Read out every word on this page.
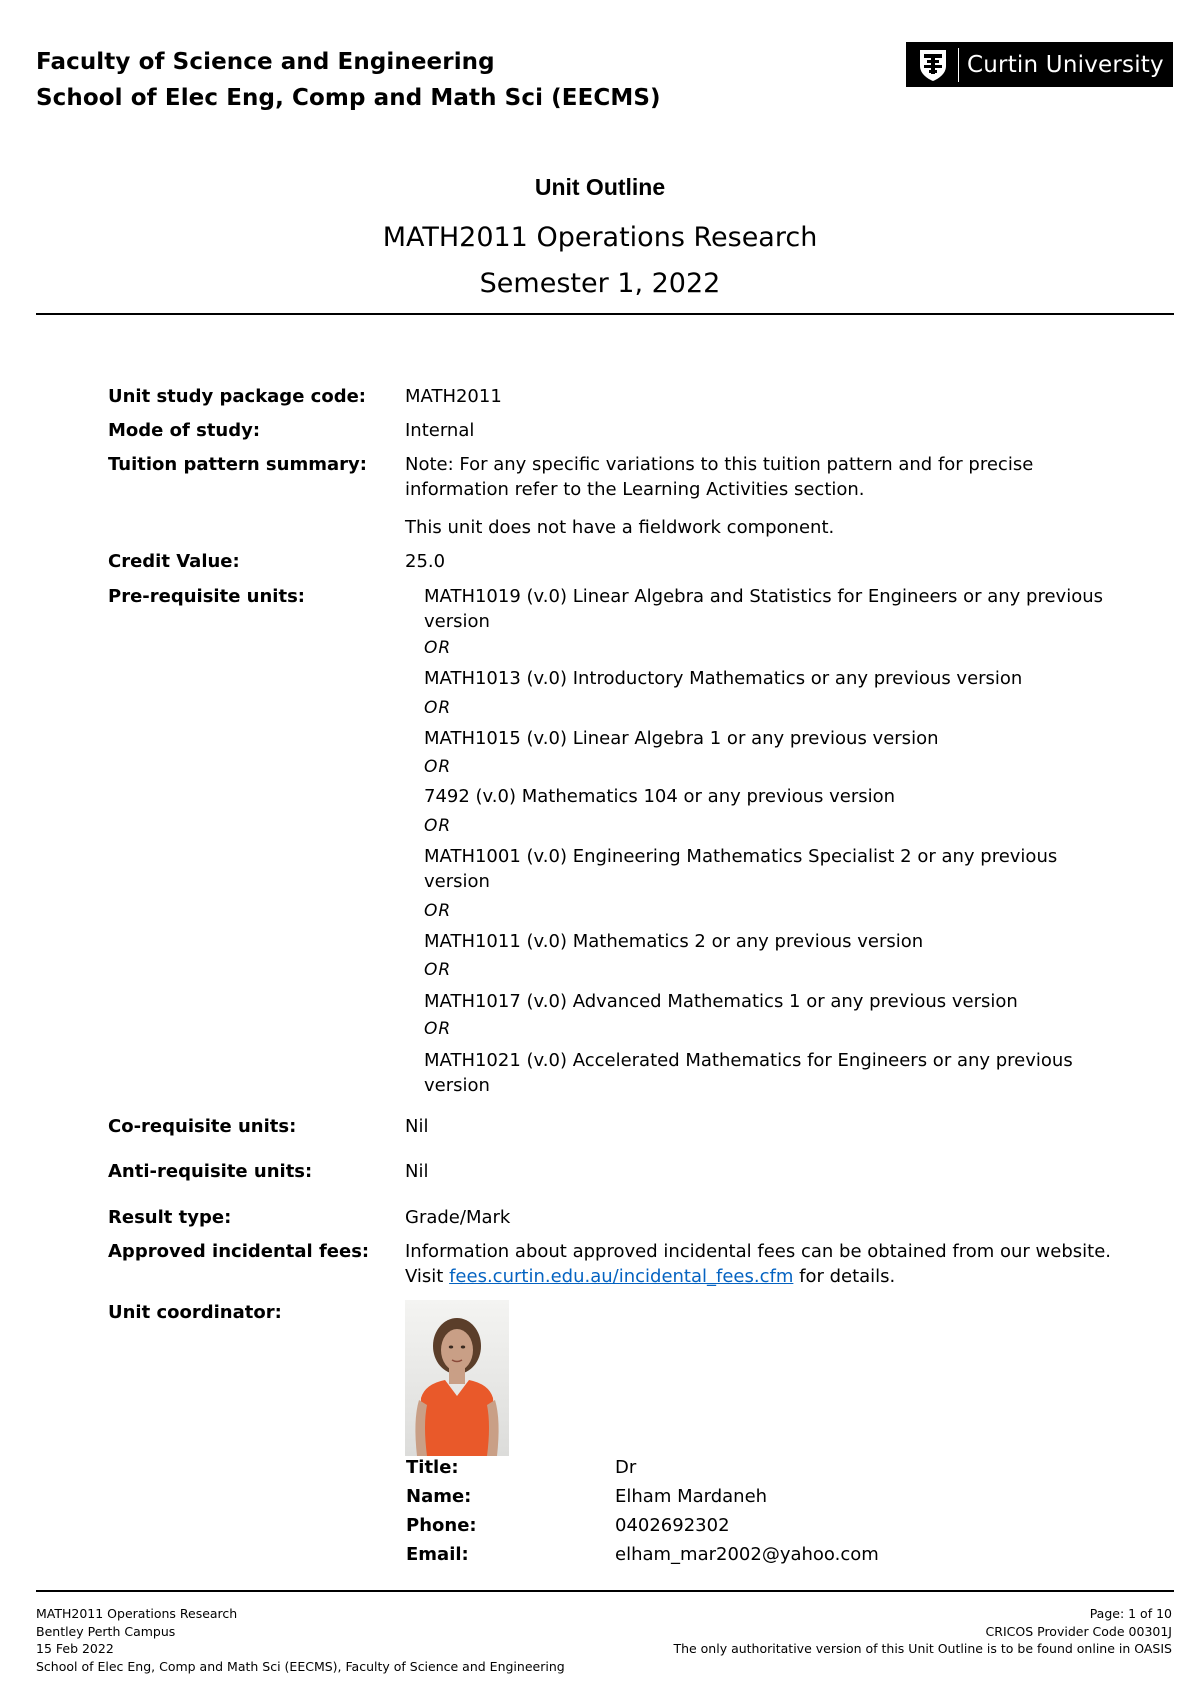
Faculty of Science and Engineering
School of Elec Eng, Comp and Math Sci (EECMS)
Curtin University
Unit Outline
MATH2011 Operations Research
Semester 1, 2022
Unit study package code: MATH2011
Mode of study:	Internal
Tuition pattern summary: Note: For any specific variations to this tuition pattern and for precise
information refer to the Learning Activities section.
This unit does not have a fieldwork component.
Credit Value:	25.0
Pre-requisite units:	MATH1019 (v.0) Linear Algebra and Statistics for Engineers or any previous
version
OR
MATH1013 (v.0) Introductory Mathematics or any previous version
OR
MATH1015 (v.0) Linear Algebra 1 or any previous version
OR
7492 (v.0) Mathematics 104 or any previous version
OR
MATH1001 (v.0) Engineering Mathematics Specialist 2 or any previous
version
OR
MATH1011 (v.0) Mathematics 2 or any previous version
OR
MATH1017 (v.0) Advanced Mathematics 1 or any previous version
OR
MATH1021 (v.0) Accelerated Mathematics for Engineers or any previous
version
Co-requisite units:	Nil
Anti-requisite units:	Nil
Result type:	Grade/Mark
Approved incidental fees: Information about approved incidental fees can be obtained from our website.
Visit fees.curtin.edu.au/incidental_fees.cfm for details.
Unit coordinator:
Title:	Dr
Name:	Elham Mardaneh
Phone:	0402692302
Email:	elham_mar2002@yahoo.com
MATH2011 Operations Research
Bentley Perth Campus
15 Feb 2022
School of Elec Eng, Comp and Math Sci (EECMS), Faculty of Science and Engineering
Page: 1 of 10
CRICOS Provider Code 00301J
The only authoritative version of this Unit Outline is to be found online in OASIS
